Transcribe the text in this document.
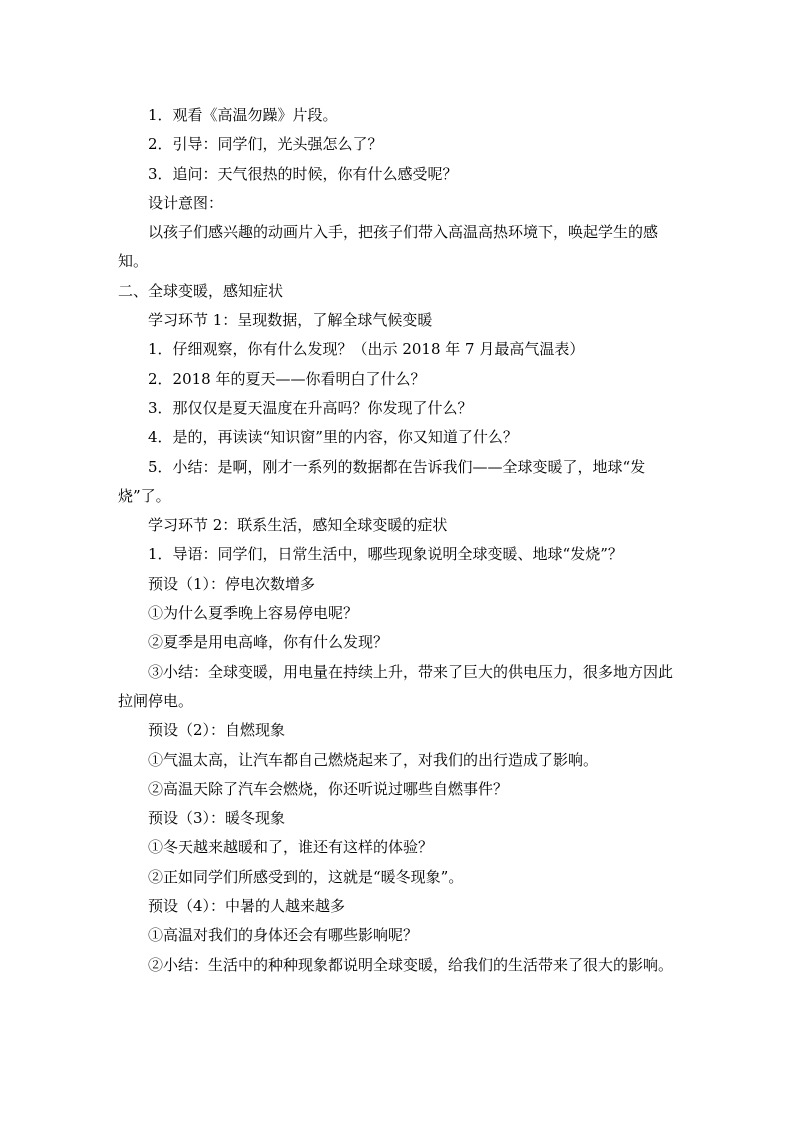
1．观看《高温勿躁》片段。

2．引导：同学们，光头强怎么了？

3．追问：天气很热的时候，你有什么感受呢？

设计意图：

以孩子们感兴趣的动画片入手，把孩子们带入高温高热环境下，唤起学生的感知。

二、全球变暖，感知症状

学习环节 1：呈现数据，了解全球气候变暖

1．仔细观察，你有什么发现？（出示 2018 年 7 月最高气温表）

2．2018 年的夏天——你看明白了什么？

3．那仅仅是夏天温度在升高吗？你发现了什么？

4．是的，再读读“知识窗”里的内容，你又知道了什么？

5．小结：是啊，刚才一系列的数据都在告诉我们——全球变暖了，地球“发烧”了。

学习环节 2：联系生活，感知全球变暖的症状

1．导语：同学们，日常生活中，哪些现象说明全球变暖、地球“发烧”？

预设（1）：停电次数增多

①为什么夏季晚上容易停电呢？

②夏季是用电高峰，你有什么发现？

③小结：全球变暖，用电量在持续上升，带来了巨大的供电压力，很多地方因此拉闸停电。

预设（2）：自燃现象

①气温太高，让汽车都自己燃烧起来了，对我们的出行造成了影响。

②高温天除了汽车会燃烧，你还听说过哪些自燃事件？

预设（3）：暖冬现象

①冬天越来越暖和了，谁还有这样的体验？

②正如同学们所感受到的，这就是“暖冬现象”。

预设（4）：中暑的人越来越多

①高温对我们的身体还会有哪些影响呢？

②小结：生活中的种种现象都说明全球变暖，给我们的生活带来了很大的影响。
